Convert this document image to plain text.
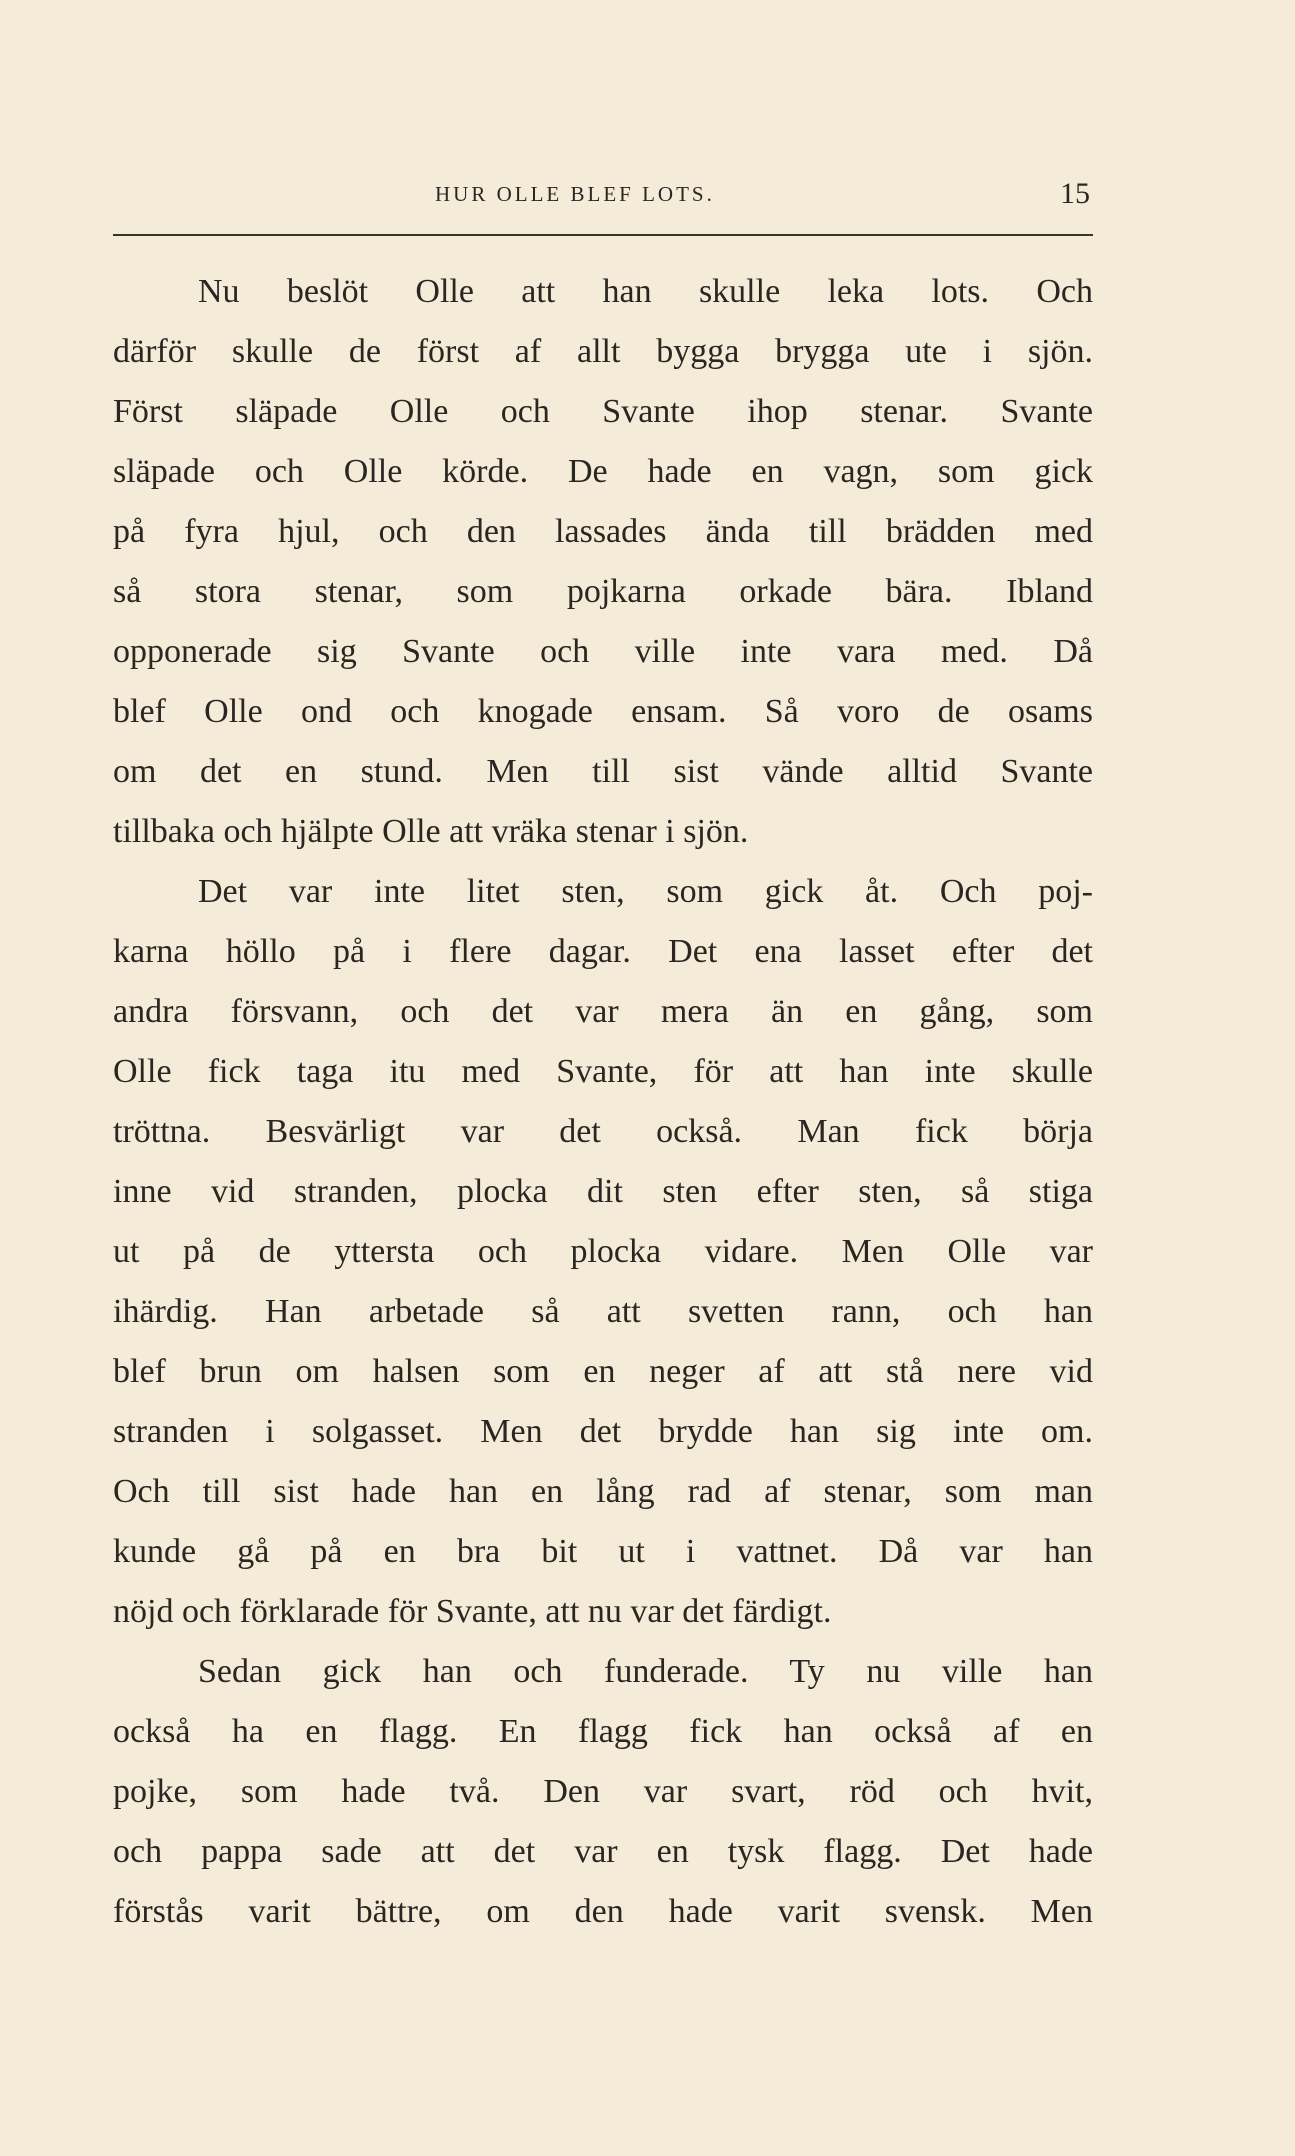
HUR OLLE BLEF LOTS.	15
Nu beslöt Olle att han skulle leka lots. Och
därför skulle de först af allt bygga brygga ute i sjön.
Först släpade Olle och Svante ihop stenar. Svante
släpade och Olle körde. De hade en vagn, som gick
på fyra hjul, och den lassades ända till brädden med
så stora stenar, som pojkarna orkade bära. Ibland
opponerade sig Svante och ville inte vara med. Då
blef Olle ond och knogade ensam. Så voro de osams
om det en stund. Men till sist vände alltid Svante
tillbaka och hjälpte Olle att vräka stenar i sjön.
Det var inte litet sten, som gick åt. Och poj-
karna höllo på i flere dagar. Det ena lasset efter det
andra försvann, och det var mera än en gång, som
Olle fick taga itu med Svante, för att han inte skulle
tröttna. Besvärligt var det också. Man fick börja
inne vid stranden, plocka dit sten efter sten, så stiga
ut på de yttersta och plocka vidare. Men Olle var
ihärdig. Han arbetade så att svetten rann, och han
blef brun om halsen som en neger af att stå nere vid
stranden i solgasset. Men det brydde han sig inte om.
Och till sist hade han en lång rad af stenar, som man
kunde gå på en bra bit ut i vattnet. Då var han
nöjd och förklarade för Svante, att nu var det färdigt.
Sedan gick han och funderade. Ty nu ville han
också ha en flagg. En flagg fick han också af en
pojke, som hade två. Den var svart, röd och hvit,
och pappa sade att det var en tysk flagg. Det hade
förstås varit bättre, om den hade varit svensk. Men
